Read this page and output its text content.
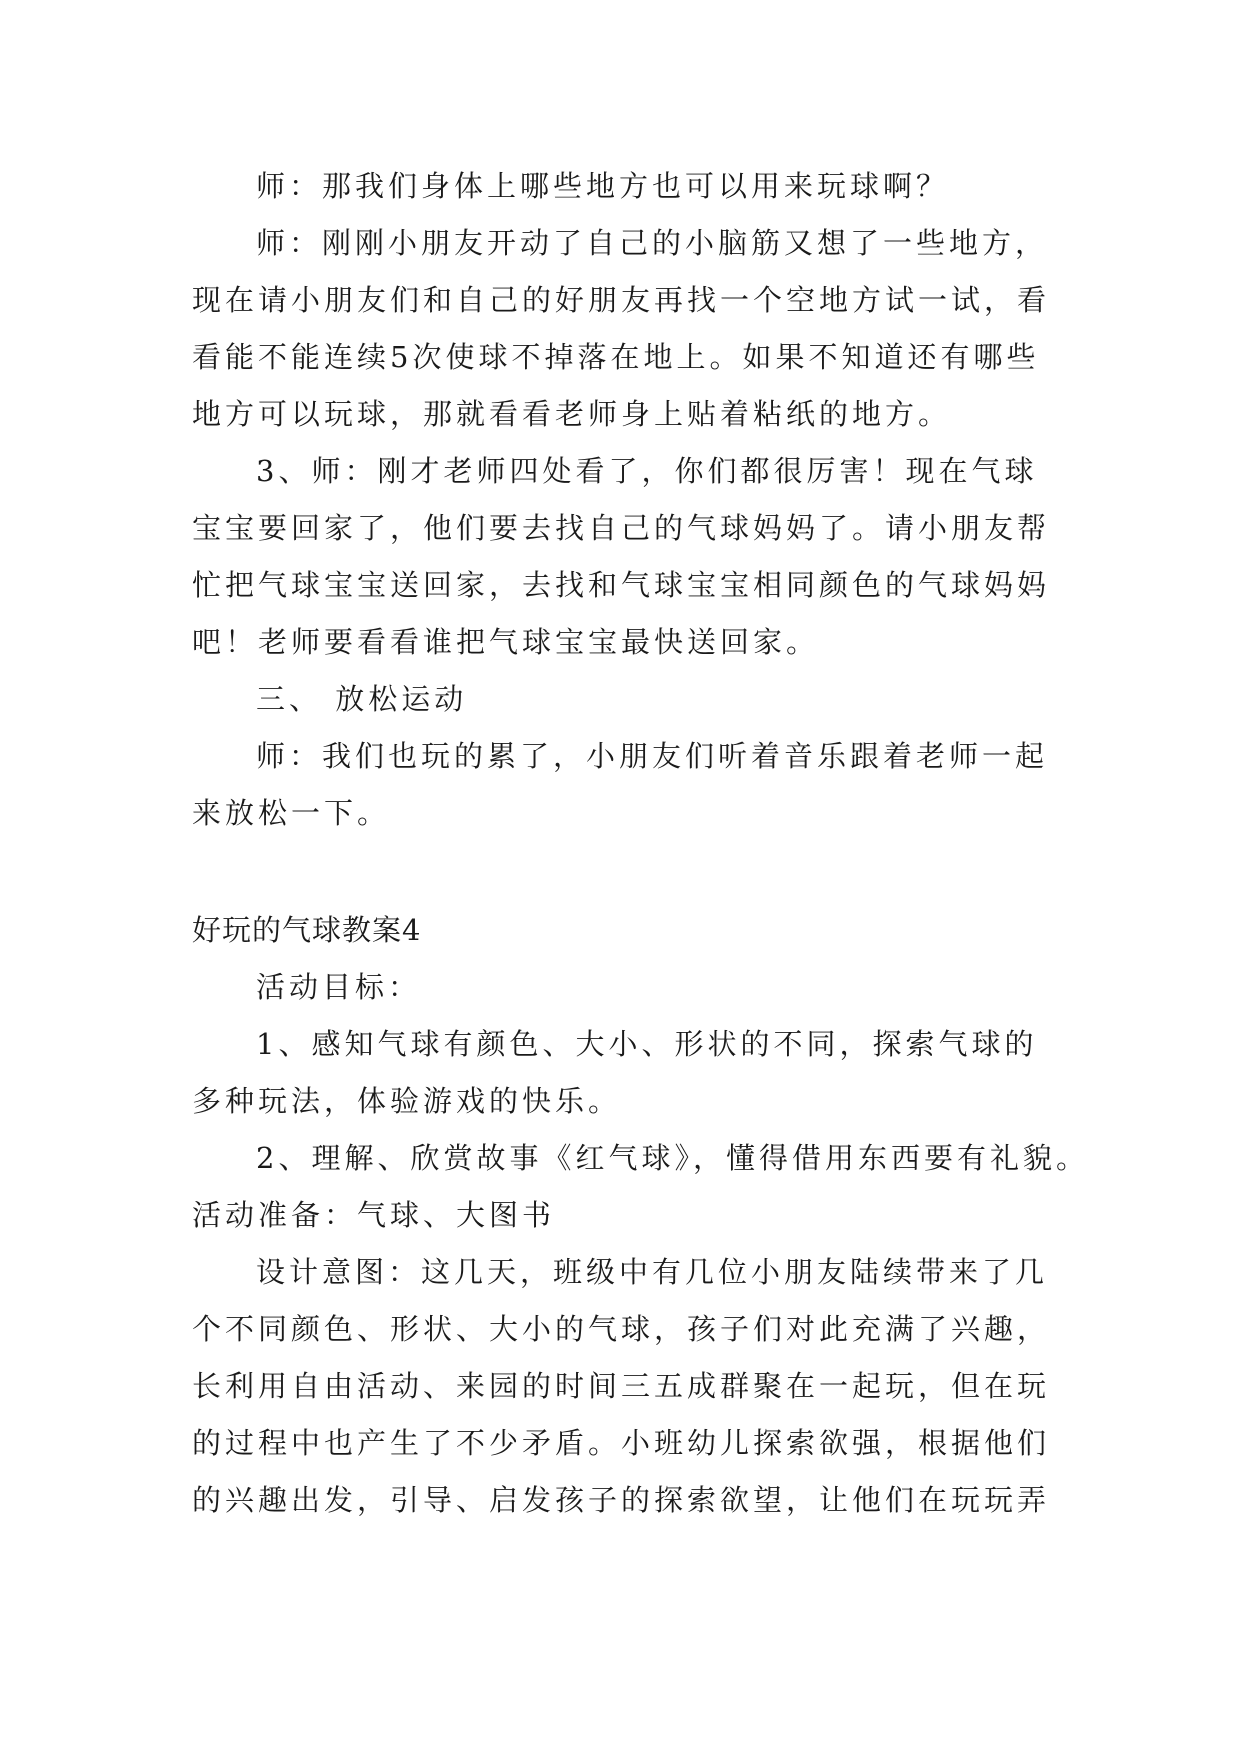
师：那我们身体上哪些地方也可以用来玩球啊？
师：刚刚小朋友开动了自己的小脑筋又想了一些地方，
现在请小朋友们和自己的好朋友再找一个空地方试一试，看
看能不能连续5次使球不掉落在地上。如果不知道还有哪些
地方可以玩球，那就看看老师身上贴着粘纸的地方。
3、师：刚才老师四处看了，你们都很厉害！现在气球
宝宝要回家了，他们要去找自己的气球妈妈了。请小朋友帮
忙把气球宝宝送回家，去找和气球宝宝相同颜色的气球妈妈
吧！老师要看看谁把气球宝宝最快送回家。
三、 放松运动
师：我们也玩的累了，小朋友们听着音乐跟着老师一起
来放松一下。
好玩的气球教案4
活动目标：
1、感知气球有颜色、大小、形状的不同，探索气球的
多种玩法，体验游戏的快乐。
2、理解、欣赏故事《红气球》，懂得借用东西要有礼貌。
活动准备：气球、大图书
设计意图：这几天，班级中有几位小朋友陆续带来了几
个不同颜色、形状、大小的气球，孩子们对此充满了兴趣，
长利用自由活动、来园的时间三五成群聚在一起玩，但在玩
的过程中也产生了不少矛盾。小班幼儿探索欲强，根据他们
的兴趣出发，引导、启发孩子的探索欲望，让他们在玩玩弄
